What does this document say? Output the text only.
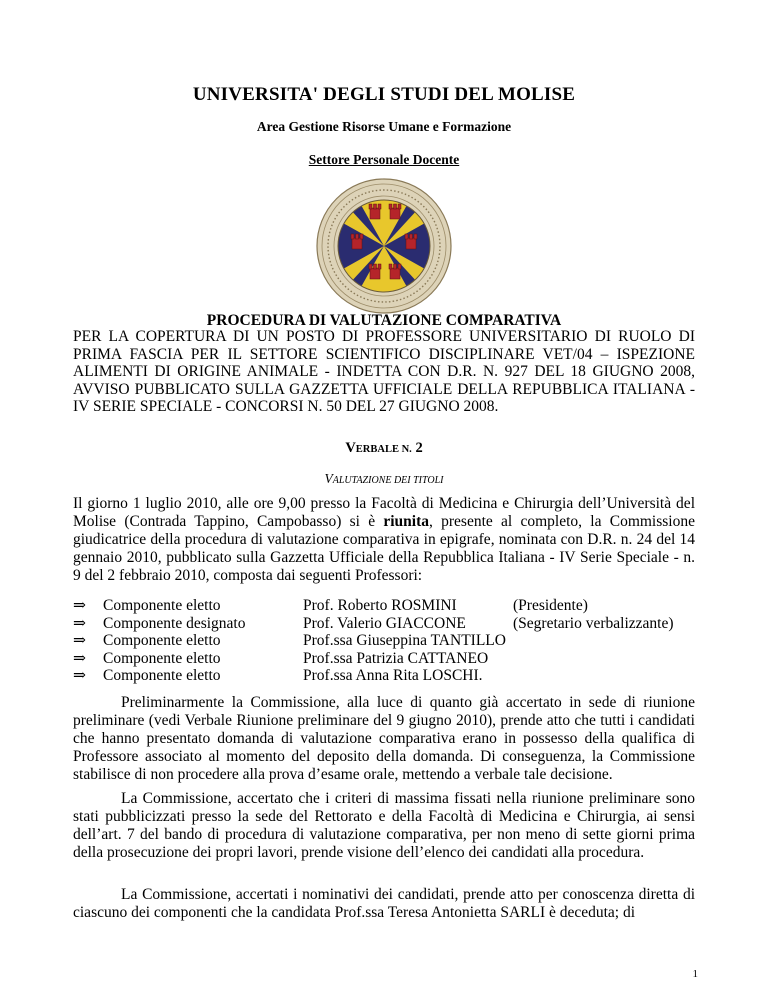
UNIVERSITA' DEGLI STUDI DEL MOLISE
Area Gestione Risorse Umane e Formazione
Settore Personale Docente
PROCEDURA DI VALUTAZIONE COMPARATIVA
PER LA COPERTURA DI UN POSTO DI PROFESSORE UNIVERSITARIO DI RUOLO DI PRIMA FASCIA PER IL SETTORE SCIENTIFICO DISCIPLINARE VET/04 – ISPEZIONE ALIMENTI DI ORIGINE ANIMALE - INDETTA CON D.R. N. 927 DEL 18 GIUGNO 2008, AVVISO PUBBLICATO SULLA GAZZETTA UFFICIALE DELLA REPUBBLICA ITALIANA - IV SERIE SPECIALE - CONCORSI N. 50 DEL 27 GIUGNO 2008.
VERBALE N. 2
VALUTAZIONE DEI TITOLI

Il giorno 1 luglio 2010, alle ore 9,00 presso la Facoltà di Medicina e Chirurgia dell’Università del Molise (Contrada Tappino, Campobasso) si è riunita, presente al completo, la Commissione giudicatrice della procedura di valutazione comparativa in epigrafe, nominata con D.R. n. 24 del 14 gennaio 2010, pubblicato sulla Gazzetta Ufficiale della Repubblica Italiana - IV Serie Speciale - n. 9 del 2 febbraio 2010, composta dai seguenti Professori:

⇒	Componente eletto	Prof. Roberto ROSMINI	(Presidente)
⇒	Componente designato	Prof. Valerio GIACCONE	(Segretario verbalizzante)
⇒	Componente eletto	Prof.ssa Giuseppina TANTILLO
⇒	Componente eletto	Prof.ssa Patrizia CATTANEO
⇒	Componente eletto	Prof.ssa Anna Rita LOSCHI.

Preliminarmente la Commissione, alla luce di quanto già accertato in sede di riunione preliminare (vedi Verbale Riunione preliminare del 9 giugno 2010), prende atto che tutti i candidati che hanno presentato domanda di valutazione comparativa erano in possesso della qualifica di Professore associato al momento del deposito della domanda. Di conseguenza, la Commissione stabilisce di non procedere alla prova d’esame orale, mettendo a verbale tale decisione.

La Commissione, accertato che i criteri di massima fissati nella riunione preliminare sono stati pubblicizzati presso la sede del Rettorato e della Facoltà di Medicina e Chirurgia, ai sensi dell’art. 7 del bando di procedura di valutazione comparativa, per non meno di sette giorni prima della prosecuzione dei propri lavori, prende visione dell’elenco dei candidati alla procedura.

La Commissione, accertati i nominativi dei candidati, prende atto per conoscenza diretta di ciascuno dei componenti che la candidata Prof.ssa Teresa Antonietta SARLI è deceduta; di

1
